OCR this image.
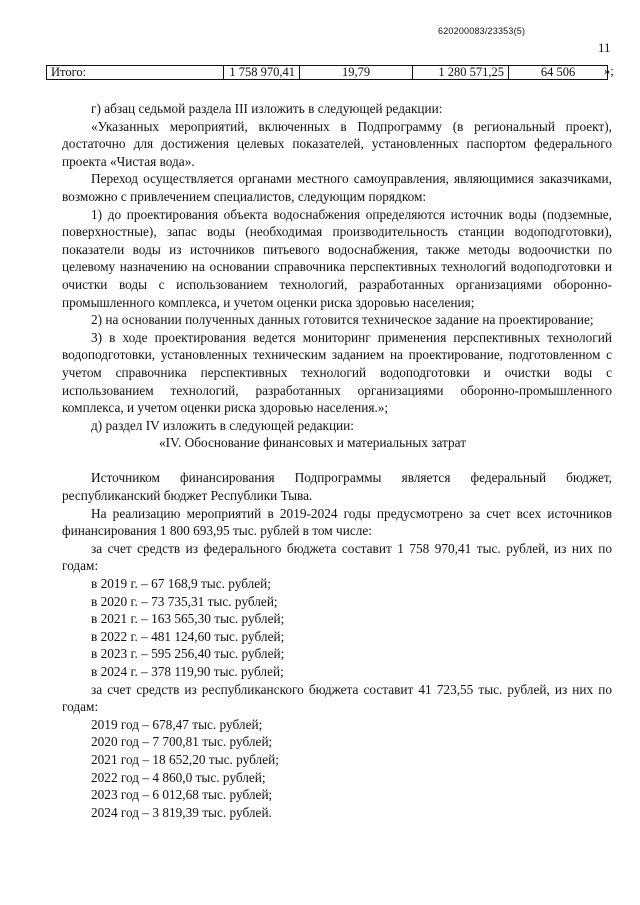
620200083/23353(5)
11
Итого:	1 758 970,41	19,79	1 280 571,25	64 506 »;

г) абзац седьмой раздела III изложить в следующей редакции:

«Указанных мероприятий, включенных в Подпрограмму (в региональный проект), достаточно для достижения целевых показателей, установленных паспортом федерального проекта «Чистая вода».

Переход осуществляется органами местного самоуправления, являющимися заказчиками, возможно с привлечением специалистов, следующим порядком:

1) до проектирования объекта водоснабжения определяются источник воды (подземные, поверхностные), запас воды (необходимая производительность станции водоподготовки), показатели воды из источников питьевого водоснабжения, также методы водоочистки по целевому назначению на основании справочника перспективных технологий водоподготовки и очистки воды с использованием технологий, разработанных организациями оборонно-промышленного комплекса, и учетом оценки риска здоровью населения;

2) на основании полученных данных готовится техническое задание на проектирование;

3) в ходе проектирования ведется мониторинг применения перспективных технологий водоподготовки, установленных техническим заданием на проектирование, подготовленном с учетом справочника перспективных технологий водоподготовки и очистки воды с использованием технологий, разработанных организациями оборонно-промышленного комплекса, и учетом оценки риска здоровью населения.»;

д) раздел IV изложить в следующей редакции:

«IV. Обоснование финансовых и материальных затрат

Источником финансирования Подпрограммы является федеральный бюджет, республиканский бюджет Республики Тыва.

На реализацию мероприятий в 2019-2024 годы предусмотрено за счет всех источников финансирования 1 800 693,95 тыс. рублей в том числе:

за счет средств из федерального бюджета составит 1 758 970,41 тыс. рублей, из них по годам:

в 2019 г. – 67 168,9 тыс. рублей;

в 2020 г. – 73 735,31 тыс. рублей;

в 2021 г. – 163 565,30 тыс. рублей;

в 2022 г. – 481 124,60 тыс. рублей;

в 2023 г. – 595 256,40 тыс. рублей;

в 2024 г. – 378 119,90 тыс. рублей;

за счет средств из республиканского бюджета составит 41 723,55 тыс. рублей, из них по годам:

2019 год – 678,47 тыс. рублей;

2020 год – 7 700,81 тыс. рублей;

2021 год – 18 652,20 тыс. рублей;

2022 год – 4 860,0 тыс. рублей;

2023 год – 6 012,68 тыс. рублей;

2024 год – 3 819,39 тыс. рублей.
